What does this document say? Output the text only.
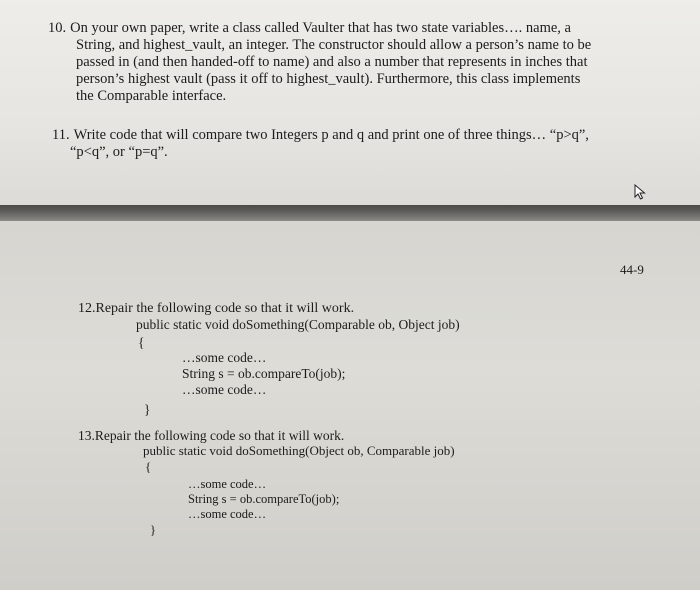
10. On your own paper, write a class called Vaulter that has two state variables…. name, a

String, and highest_vault, an integer. The constructor should allow a person’s name to be

passed in (and then handed-off to name) and also a number that represents in inches that

person’s highest vault (pass it off to highest_vault). Furthermore, this class implements

the Comparable interface.

11. Write code that will compare two Integers p and q and print one of three things… “p>q”,

“p<q”, or “p=q”.

44-9

12.Repair the following code so that it will work.

public static void doSomething(Comparable ob, Object job)

{

…some code…

String s = ob.compareTo(job);

…some code…

}

13.Repair the following code so that it will work.

public static void doSomething(Object ob, Comparable job)

{

…some code…

String s = ob.compareTo(job);

…some code…

}
